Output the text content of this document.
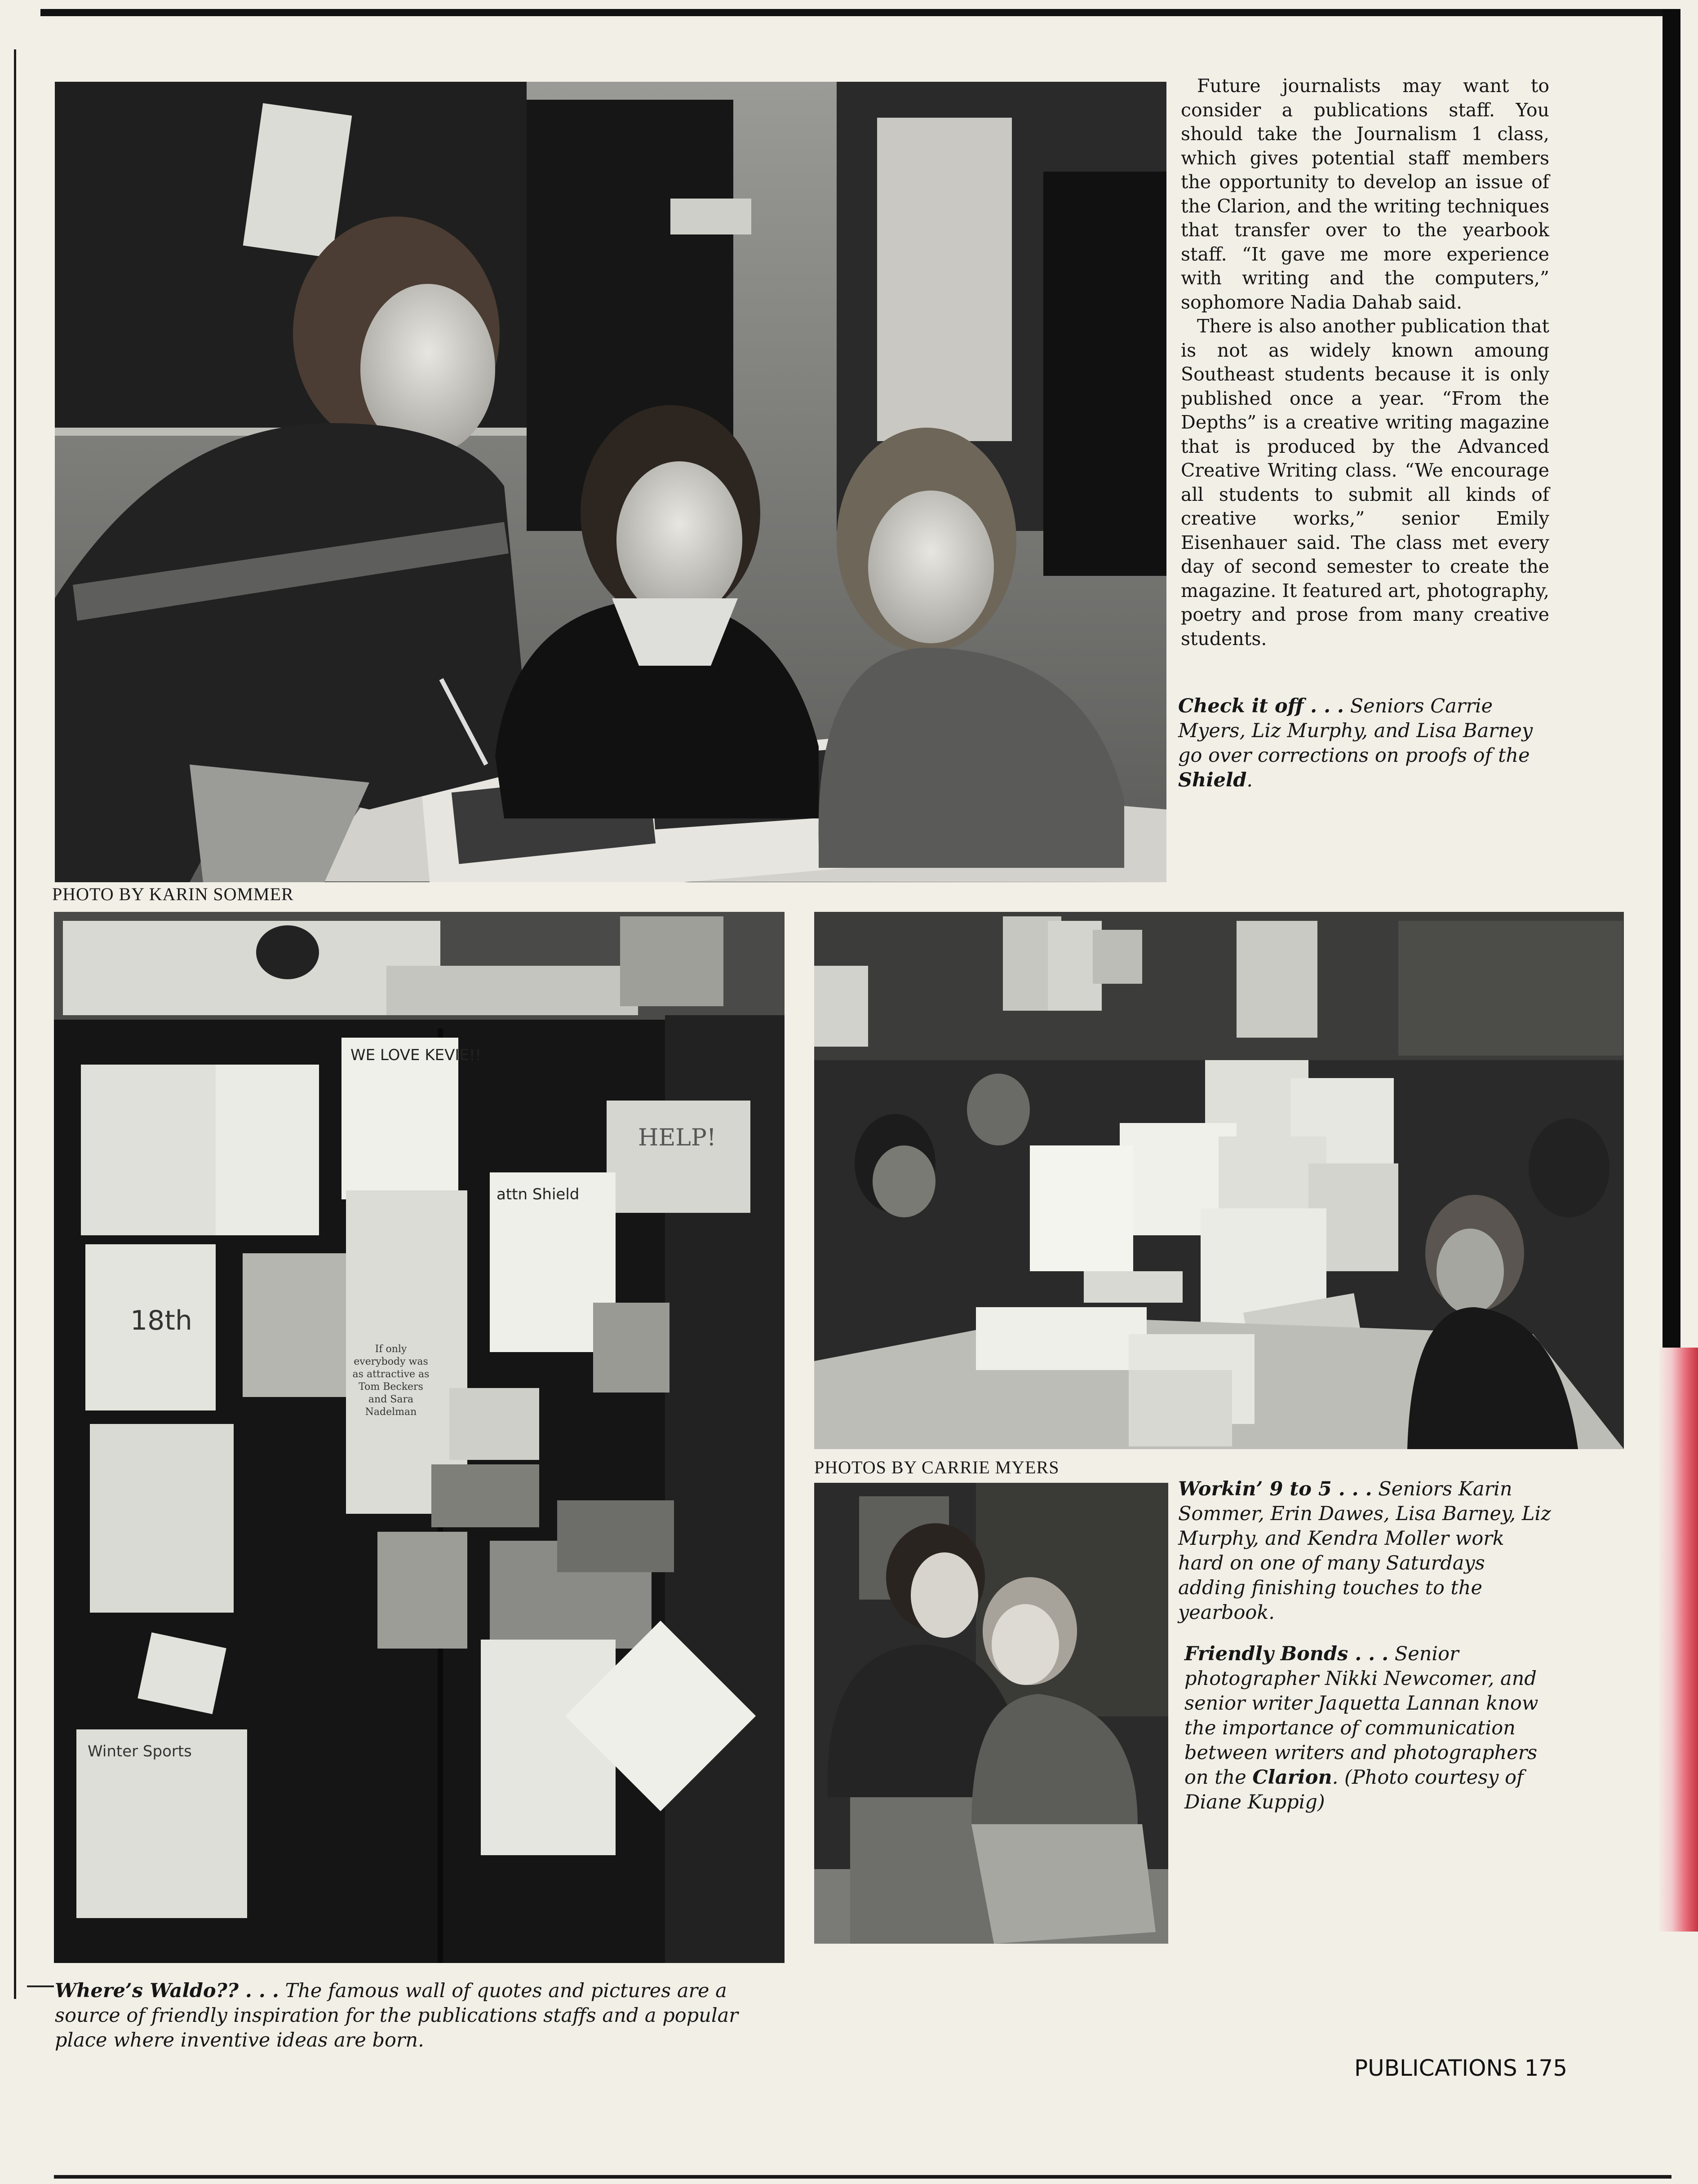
PHOTO BY KARIN SOMMER

Future journalists may want to consider a publications staff. You should take the Journalism 1 class, which gives potential staff members the opportunity to develop an issue of the Clarion, and the writing techniques that transfer over to the yearbook staff. “It gave me more experience with writing and the computers,” sophomore Nadia Dahab said.

There is also another publication that is not as widely known amoung Southeast students because it is only published once a year. “From the Depths” is a creative writing magazine that is produced by the Advanced Creative Writing class. “We encourage all students to submit all kinds of creative works,” senior Emily Eisenhauer said. The class met every day of second semester to create the magazine. It featured art, photography, poetry and prose from many creative students.

Check it off . . . Seniors Carrie Myers, Liz Murphy, and Lisa Barney go over corrections on proofs of the Shield.
WE LOVE KEVIE!!
HELP!
attn Shield
18th
Winter Sports
If only everybody was as attractive as Tom Beckers and Sara Nadelman
Where’s Waldo?? . . . The famous wall of quotes and pictures are a source of friendly inspiration for the publications staffs and a popular place where inventive ideas are born.
PHOTOS BY CARRIE MYERS
Workin’ 9 to 5 . . . Seniors Karin Sommer, Erin Dawes, Lisa Barney, Liz Murphy, and Kendra Moller work hard on one of many Saturdays adding finishing touches to the yearbook.
Friendly Bonds . . . Senior photographer Nikki Newcomer, and senior writer Jaquetta Lannan know the importance of communication between writers and photographers on the Clarion. (Photo courtesy of Diane Kuppig)
PUBLICATIONS 175
